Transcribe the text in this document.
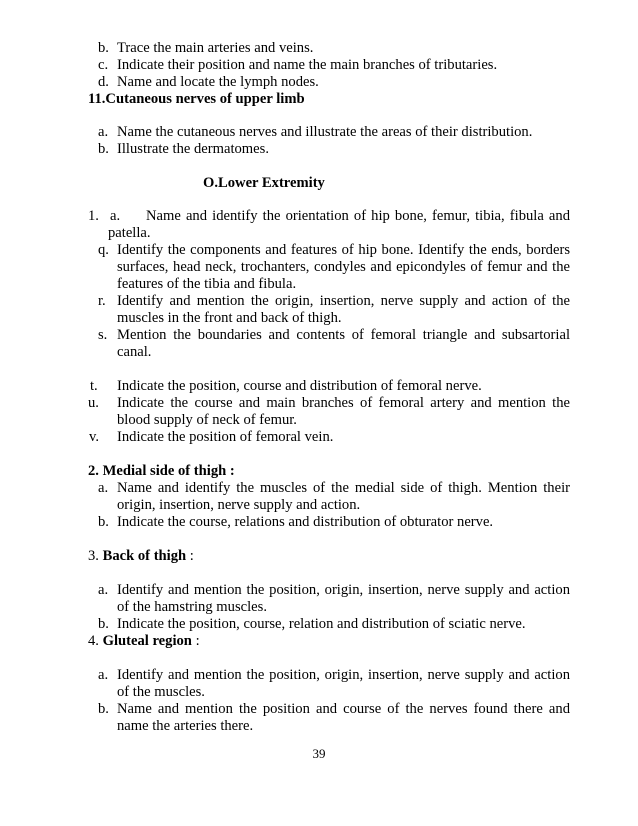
b. Trace the main arteries and veins.
c. Indicate their position and name the main branches of tributaries.
d. Name and locate the lymph nodes.
11.Cutaneous nerves of upper limb
a. Name the cutaneous nerves and illustrate the areas of their distribution.
b. Illustrate the dermatomes.
O.Lower Extremity
1. a. Name and identify the orientation of hip bone, femur, tibia, fibula and
patella.
q. Identify the components and features of hip bone. Identify the ends, borders
surfaces, head neck, trochanters, condyles and epicondyles of femur and the
features of the tibia and fibula.
r. Identify and mention the origin, insertion, nerve supply and action of the
muscles in the front and back of thigh.
s. Mention the boundaries and contents of femoral triangle and subsartorial
canal.
t. Indicate the position, course and distribution of femoral nerve.
u. Indicate the course and main branches of femoral artery and mention the
blood supply of neck of femur.
v. Indicate the position of femoral vein.
2. Medial side of thigh :
a. Name and identify the muscles of the medial side of thigh. Mention their
origin, insertion, nerve supply and action.
b. Indicate the course, relations and distribution of obturator nerve.
3. Back of thigh :
a. Identify and mention the position, origin, insertion, nerve supply and action
of the hamstring muscles.
b. Indicate the position, course, relation and distribution of sciatic nerve.
4. Gluteal region :
a. Identify and mention the position, origin, insertion, nerve supply and action
of the muscles.
b. Name and mention the position and course of the nerves found there and
name the arteries there.
39
